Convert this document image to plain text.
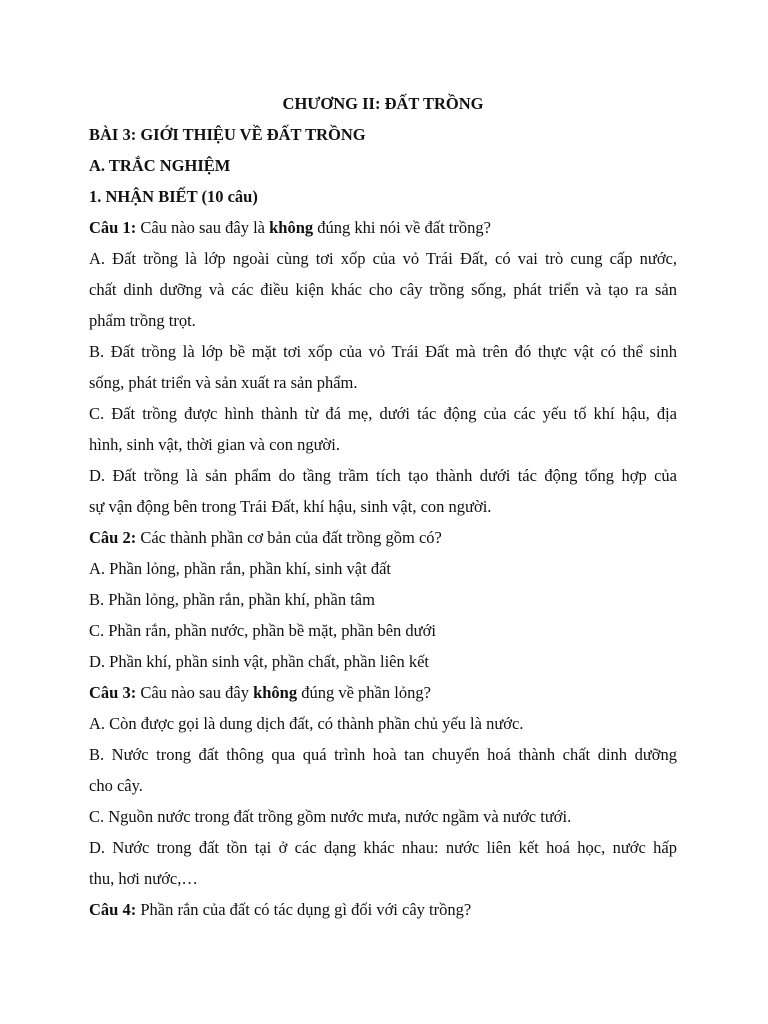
CHƯƠNG II: ĐẤT TRỒNG

BÀI 3: GIỚI THIỆU VỀ ĐẤT TRỒNG

A. TRẮC NGHIỆM

1. NHẬN BIẾT (10 câu)

Câu 1: Câu nào sau đây là không đúng khi nói về đất trồng?

A. Đất trồng là lớp ngoài cùng tơi xốp của vỏ Trái Đất, có vai trò cung cấp nước,

chất dinh dưỡng và các điều kiện khác cho cây trồng sống, phát triển và tạo ra sản

phẩm trồng trọt.

B. Đất trồng là lớp bề mặt tơi xốp của vỏ Trái Đất mà trên đó thực vật có thể sinh

sống, phát triển và sản xuất ra sản phẩm.

C. Đất trồng được hình thành từ đá mẹ, dưới tác động của các yếu tố khí hậu, địa

hình, sinh vật, thời gian và con người.

D. Đất trồng là sản phẩm do tầng trầm tích tạo thành dưới tác động tổng hợp của

sự vận động bên trong Trái Đất, khí hậu, sinh vật, con người.

Câu 2: Các thành phần cơ bản của đất trồng gồm có?

A. Phần lỏng, phần rắn, phần khí, sinh vật đất

B. Phần lỏng, phần rắn, phần khí, phần tâm

C. Phần rắn, phần nước, phần bề mặt, phần bên dưới

D. Phần khí, phần sinh vật, phần chất, phần liên kết

Câu 3: Câu nào sau đây không đúng về phần lỏng?

A. Còn được gọi là dung dịch đất, có thành phần chủ yếu là nước.

B. Nước trong đất thông qua quá trình hoà tan chuyển hoá thành chất dinh dưỡng

cho cây.

C. Nguồn nước trong đất trồng gồm nước mưa, nước ngầm và nước tưới.

D. Nước trong đất tồn tại ở các dạng khác nhau: nước liên kết hoá học, nước hấp

thu, hơi nước,…

Câu 4: Phần rắn của đất có tác dụng gì đối với cây trồng?
